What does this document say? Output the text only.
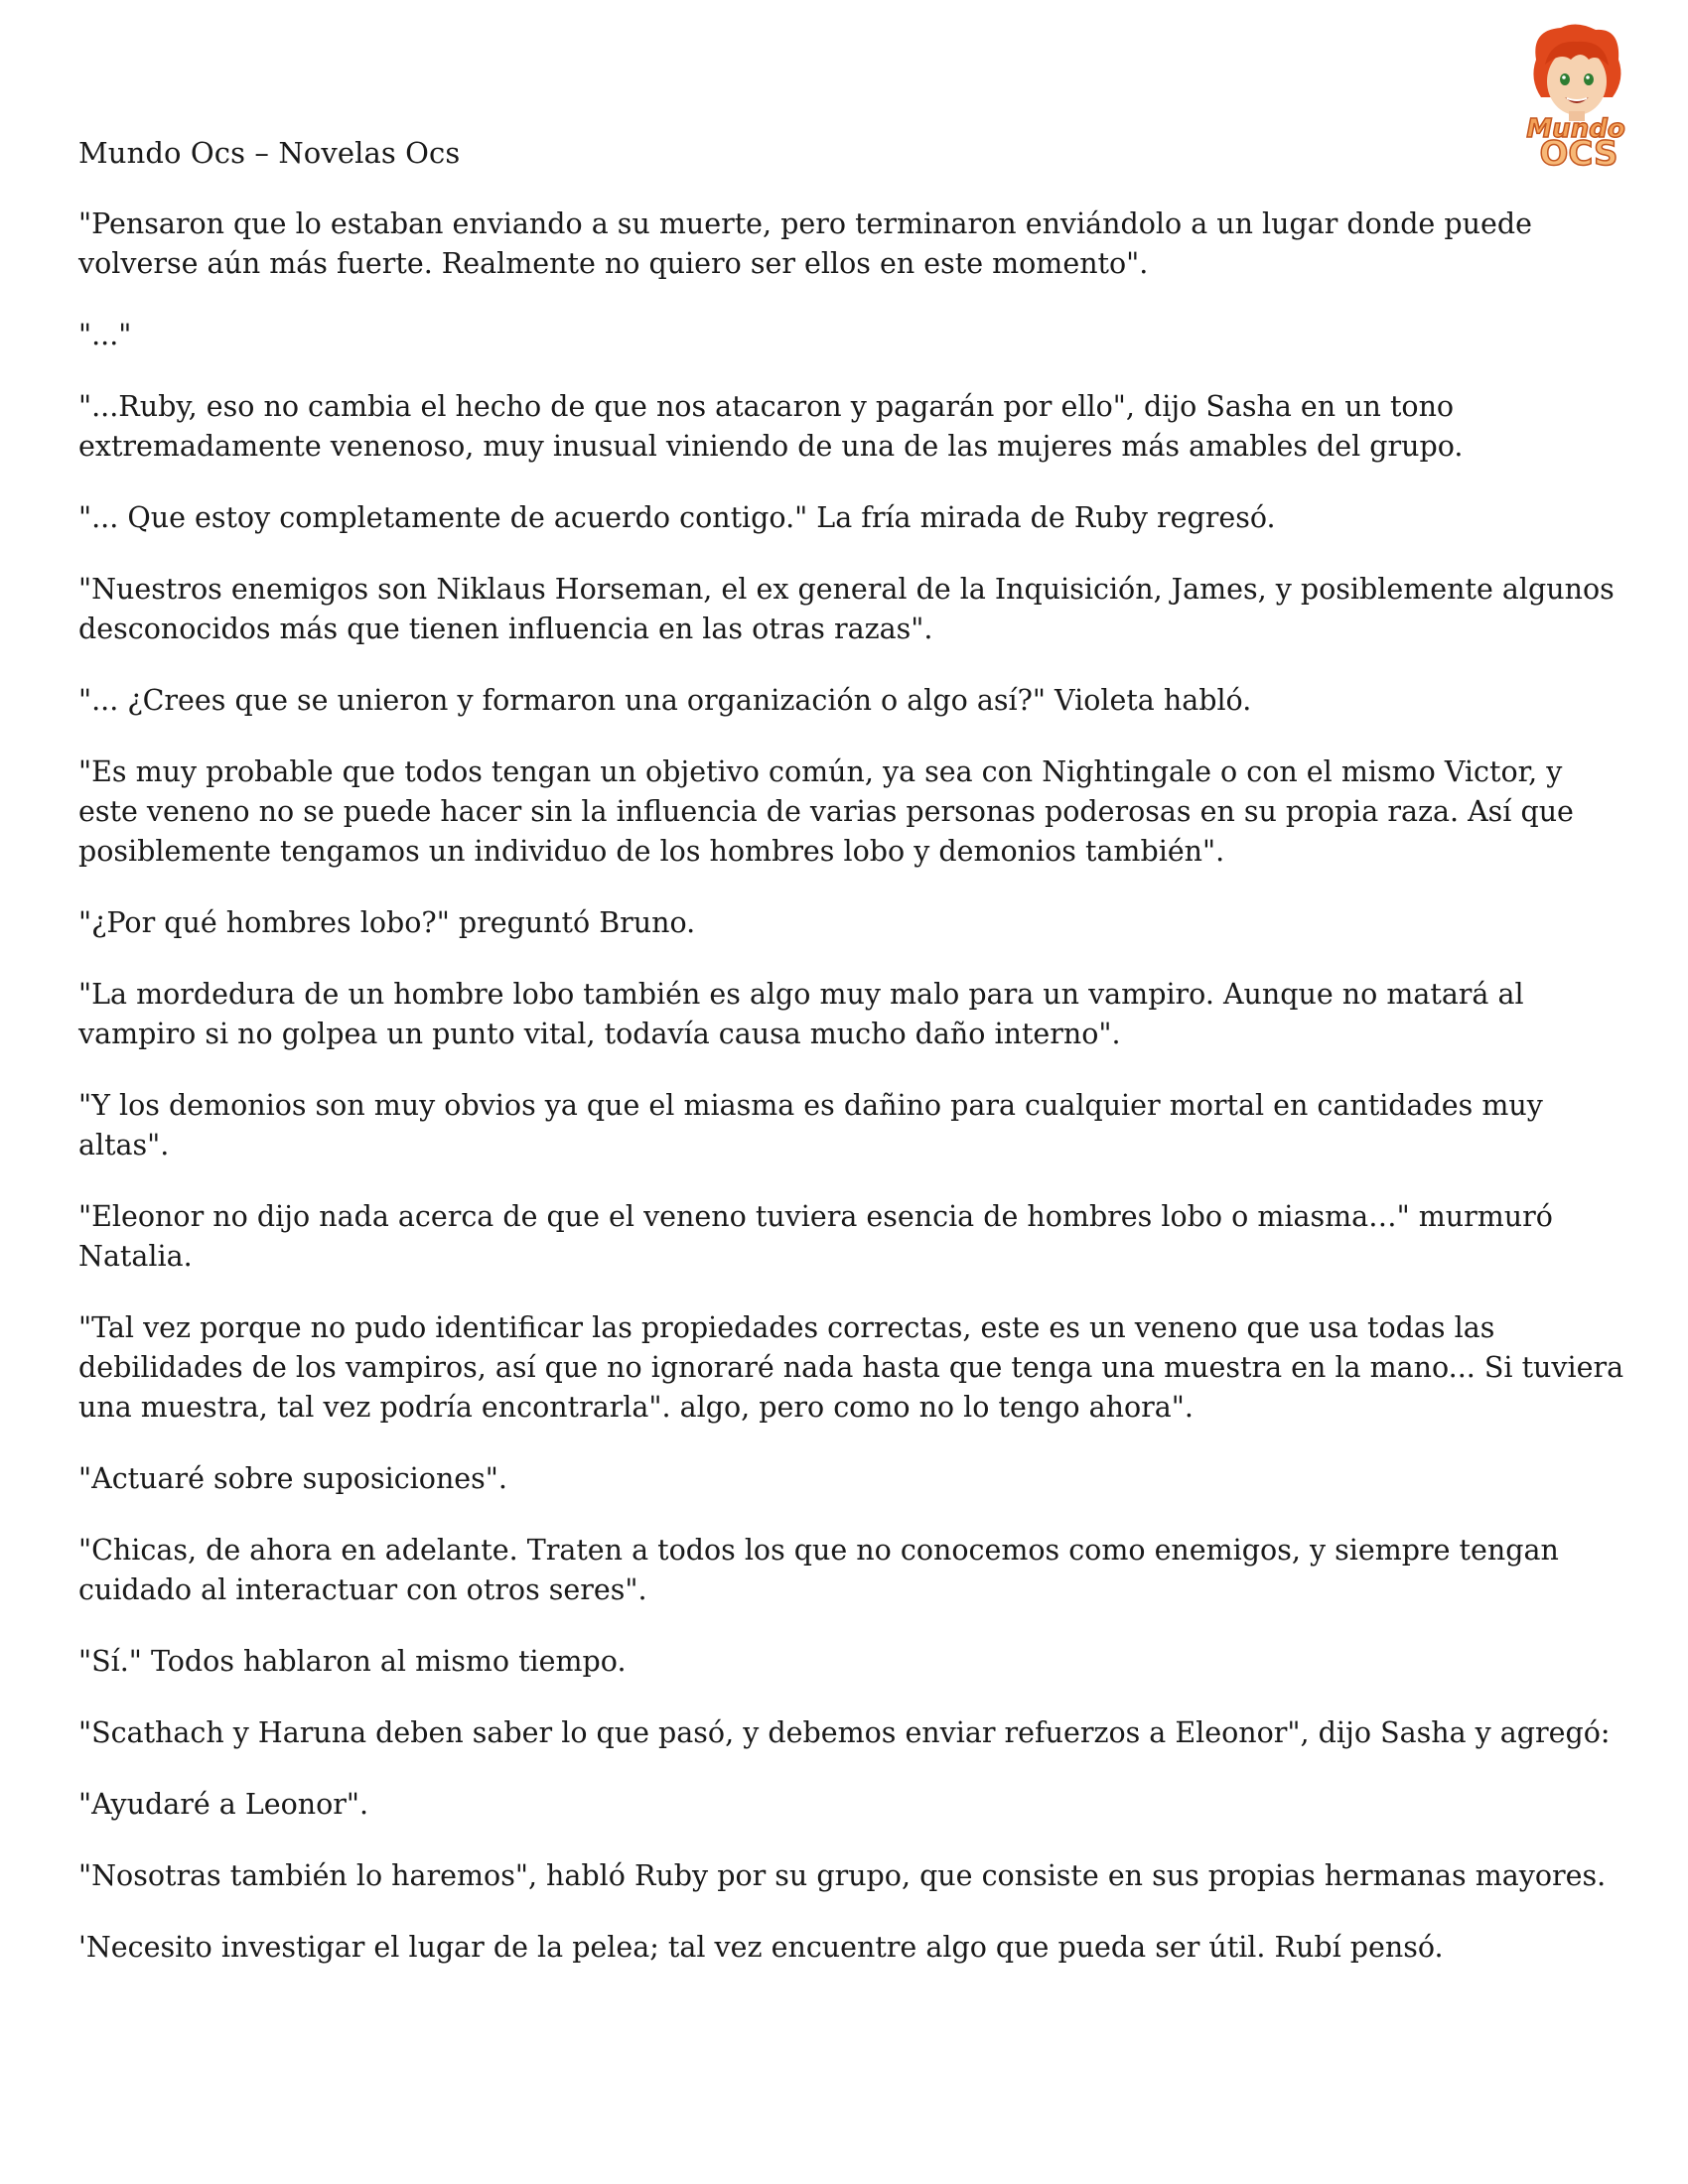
Mundo Ocs – Novelas Ocs
Mundo
OCS

"Pensaron que lo estaban enviando a su muerte, pero terminaron enviándolo a un lugar donde puede volverse aún más fuerte. Realmente no quiero ser ellos en este momento".

"..."

"...Ruby, eso no cambia el hecho de que nos atacaron y pagarán por ello", dijo Sasha en un tono extremadamente venenoso, muy inusual viniendo de una de las mujeres más amables del grupo.

"... Que estoy completamente de acuerdo contigo." La fría mirada de Ruby regresó.

"Nuestros enemigos son Niklaus Horseman, el ex general de la Inquisición, James, y posiblemente algunos desconocidos más que tienen influencia en las otras razas".

"... ¿Crees que se unieron y formaron una organización o algo así?" Violeta habló.

"Es muy probable que todos tengan un objetivo común, ya sea con Nightingale o con el mismo Victor, y este veneno no se puede hacer sin la influencia de varias personas poderosas en su propia raza. Así que posiblemente tengamos un individuo de los hombres lobo y demonios también".

"¿Por qué hombres lobo?" preguntó Bruno.

"La mordedura de un hombre lobo también es algo muy malo para un vampiro. Aunque no matará al vampiro si no golpea un punto vital, todavía causa mucho daño interno".

"Y los demonios son muy obvios ya que el miasma es dañino para cualquier mortal en cantidades muy altas".

"Eleonor no dijo nada acerca de que el veneno tuviera esencia de hombres lobo o miasma…" murmuró Natalia.

"Tal vez porque no pudo identificar las propiedades correctas, este es un veneno que usa todas las debilidades de los vampiros, así que no ignoraré nada hasta que tenga una muestra en la mano... Si tuviera una muestra, tal vez podría encontrarla". algo, pero como no lo tengo ahora".

"Actuaré sobre suposiciones".

"Chicas, de ahora en adelante. Traten a todos los que no conocemos como enemigos, y siempre tengan cuidado al interactuar con otros seres".

"Sí." Todos hablaron al mismo tiempo.

"Scathach y Haruna deben saber lo que pasó, y debemos enviar refuerzos a Eleonor", dijo Sasha y agregó:

"Ayudaré a Leonor".

"Nosotras también lo haremos", habló Ruby por su grupo, que consiste en sus propias hermanas mayores.

'Necesito investigar el lugar de la pelea; tal vez encuentre algo que pueda ser útil. Rubí pensó.
